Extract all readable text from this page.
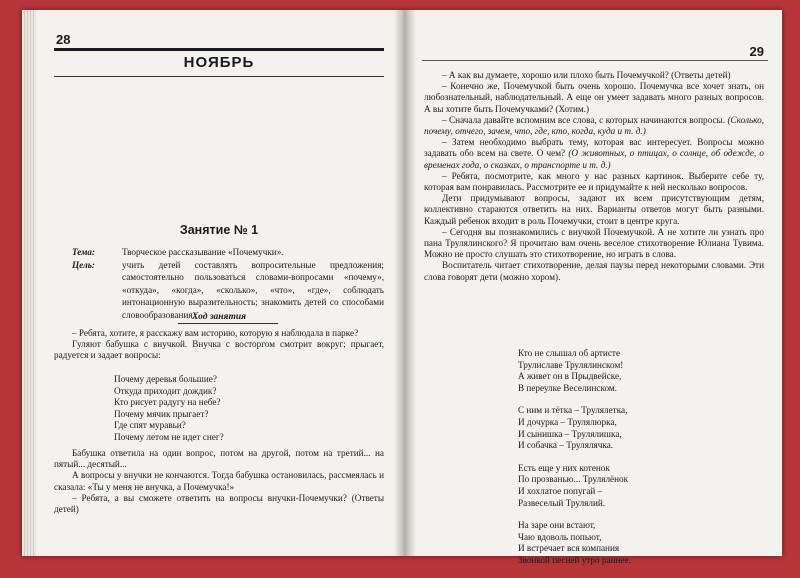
28
НОЯБРЬ
Занятие № 1
Тема:	Творческое рассказывание «Почемучки».
Цель:	учить детей составлять вопросительные предложения; самостоятельно пользоваться словами-вопросами «почему», «откуда», «когда», «сколько», «что», «где», соблюдать интонационную выразительность; знакомить детей со способами словообразования.
Ход занятия

– Ребята, хотите, я расскажу вам историю, которую я наблюдала в парке?

Гуляют бабушка с внучкой. Внучка с восторгом смотрит вокруг; прыгает, радуется и задает вопросы:

Почему деревья большие?
Откуда приходит дождик?
Кто рисует радугу на небе?
Почему мячик прыгает?
Где спят муравьи?
Почему летом не идет снег?

Бабушка ответила на один вопрос, потом на другой, потом на третий... на пятый... десятый...

А вопросы у внучки не кончаются. Тогда бабушка остановилась, рассмеялась и сказала: «Ты у меня не внучка, а Почемучка!»

– Ребята, а вы сможете ответить на вопросы внучки-Почемучки? (Ответы детей)

29

– А как вы думаете, хорошо или плохо быть Почемучкой? (Ответы детей)

– Конечно же, Почемучкой быть очень хорошо. Почемучка все хочет знать, он любознательный, наблюдательный. А еще он умеет задавать много разных вопросов. А вы хотите быть Почемучками? (Хотим.)

– Сначала давайте вспомним все слова, с которых начинаются вопросы. (Сколько, почему, отчего, зачем, что, где, кто, когда, куда и т. д.)

– Затем необходимо выбрать тему, которая вас интересует. Вопросы можно задавать обо всем на свете. О чем? (О животных, о птицах, о солнце, об одежде, о временах года, о сказках, о транспорте и т. д.)

– Ребята, посмотрите, как много у нас разных картинок. Выберите себе ту, которая вам понравилась. Рассмотрите ее и придумайте к ней несколько вопросов.

Дети придумывают вопросы, задают их всем присутствующим детям, коллективно стараются ответить на них. Варианты ответов могут быть разными. Каждый ребенок входит в роль Почемучки, стоит в центре круга.

– Сегодня вы познакомились с внучкой Почемучкой. А не хотите ли узнать про пана Трулялинского? Я прочитаю вам очень веселое стихотворение Юлиана Тувима. Можно не просто слушать это стихотворение, но играть в слова.

Воспитатель читает стихотворение, делая паузы перед некоторыми словами. Эти слова говорят дети (можно хором).

Кто не слышал об артисте
Трулиславе Трулялинском!
А живет он в Прыдвейске,
В переулке Веселинском.
С ним и тётка – Трулялетка,
И дочурка – Трулялюрка,
И сынишка – Трулялишка,
И собачка – Трулялячка.
Есть еще у них котенок
По прозванью... Трулялёнок
И хохлатое попугай –
Развеселый Трулялий.
На заре они встают,
Чаю вдоволь попьют,
И встречает вся компания
Звонкой песней утро раннее.
